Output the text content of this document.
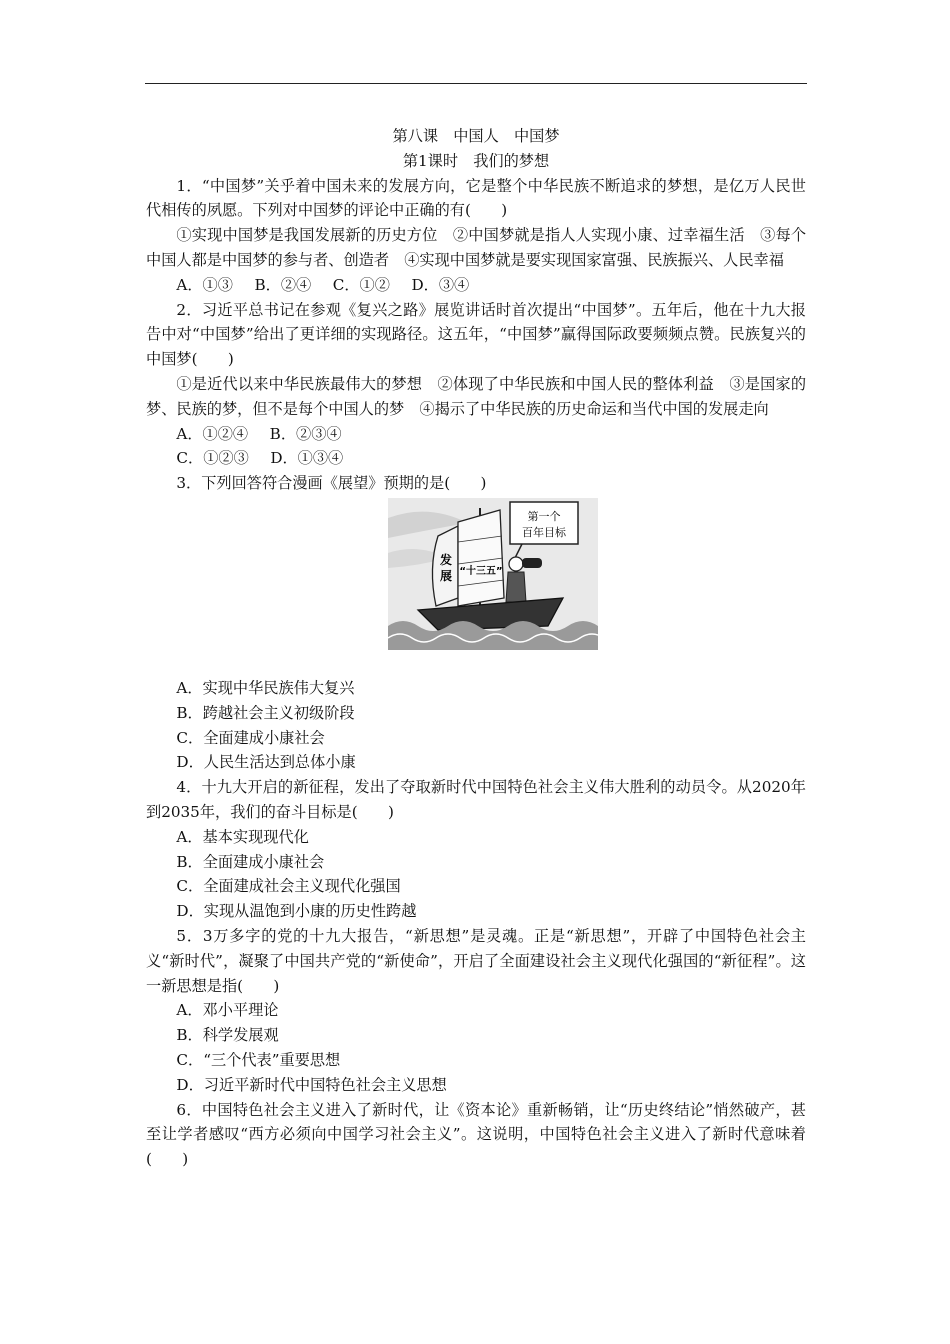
第八课　中国人　中国梦
第1课时　我们的梦想
1．“中国梦”关乎着中国未来的发展方向，它是整个中华民族不断追求的梦想，是亿万人民世代相传的夙愿。下列对中国梦的评论中正确的有(　　)
①实现中国梦是我国发展新的历史方位　②中国梦就是指人人实现小康、过幸福生活　③每个中国人都是中国梦的参与者、创造者　④实现中国梦就是要实现国家富强、民族振兴、人民幸福
A．①③ B．②④ C．①② D．③④
2．习近平总书记在参观《复兴之路》展览讲话时首次提出“中国梦”。五年后，他在十九大报告中对“中国梦”给出了更详细的实现路径。这五年，“中国梦”赢得国际政要频频点赞。民族复兴的中国梦(　　)
①是近代以来中华民族最伟大的梦想　②体现了中华民族和中国人民的整体利益　③是国家的梦、民族的梦，但不是每个中国人的梦　④揭示了中华民族的历史命运和当代中国的发展走向
A．①②④ B．②③④
C．①②③ D．①③④
3．下列回答符合漫画《展望》预期的是(　　)
第一个
百年目标
发
展 “十三五”
A．实现中华民族伟大复兴
B．跨越社会主义初级阶段
C．全面建成小康社会
D．人民生活达到总体小康
4．十九大开启的新征程，发出了夺取新时代中国特色社会主义伟大胜利的动员令。从2020年到2035年，我们的奋斗目标是(　　)
A．基本实现现代化
B．全面建成小康社会
C．全面建成社会主义现代化强国
D．实现从温饱到小康的历史性跨越
5．3万多字的党的十九大报告，“新思想”是灵魂。正是“新思想”，开辟了中国特色社会主义“新时代”，凝聚了中国共产党的“新使命”，开启了全面建设社会主义现代化强国的“新征程”。这一新思想是指(　　)
A．邓小平理论
B．科学发展观
C．“三个代表”重要思想
D．习近平新时代中国特色社会主义思想
6．中国特色社会主义进入了新时代，让《资本论》重新畅销，让“历史终结论”悄然破产，甚至让学者感叹“西方必须向中国学习社会主义”。这说明，中国特色社会主义进入了新时代意味着(　　)
